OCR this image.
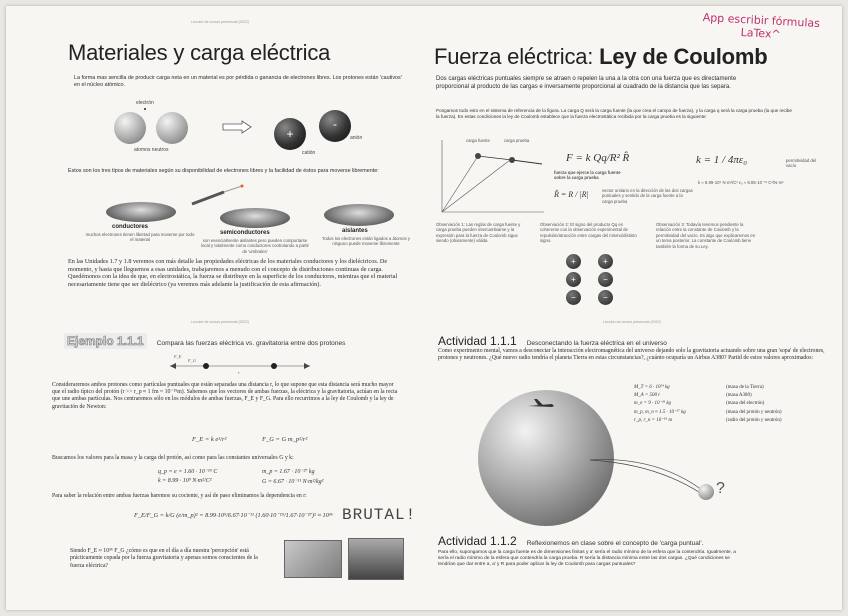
Lección de cursos presencial (2022)
Materiales y carga eléctrica
La forma mas sencilla de producir carga neta en un material es por pérdida o ganancia de electrones libres. Los protones están 'cautivos' en el núcleo atómico.
electrón
atomos neutros
+
catión
-
anión
Estos son los tres tipos de materiales según su disponibilidad de electrones libres y la facilidad de éstos para moverse libremente:
conductores
muchos electrones tienen libertad para moverse por todo el material
semiconductores
son esencialmente aislantes pero pueden comportarse local y totalmente como conductores controlando a partir de 'umbrales'
aislantes
Todos los electrones están ligados a átomos y ninguno puede moverse libremente
En las Unidades 1.7 y 1.8 veremos con más detalle las propiedades eléctricas de los materiales conductores y los dieléctricos. De momento, y hasta que lleguemos a esas unidades, trabajaremos a menudo con el concepto de distribuciones continuas de carga. Quedémonos con la idea de que, en electrostática, la fuerza se distribuye en la superficie de los conductores, mientras que el material necesariamente tiene que ser dieléctrico (ya veremos más adelante la justificación de esta afirmación).
Fuerza eléctrica: Ley de Coulomb
Dos cargas eléctricas puntuales siempre se atraen o repelen la una a la otra con una fuerza que es directamente proporcional al producto de las cargas e inversamente proporcional al cuadrado de la distancia que las separa.
Pongamos todo esto en el sistema de referencia de la figura. La carga Q será la carga fuente (la que crea el campo de fuerza), y la carga q será la carga prueba (la que recibe la fuerza). En estas condiciones la ley de Coulomb establece que la fuerza electrostática recibida por la carga prueba es la siguiente:
carga fuente	carga prueba
F = k Qq/R² R̂
fuerza que ejerce la carga fuente sobre la carga prueba
k = 1 / 4πε₀	permitividad del vacío
R̂ = R / |R|	vector unitario en la dirección de las dos cargas puntuales y sentido de la carga fuente a la carga prueba
k ≈ 8.99·10⁹ N·m²/C² ε₀ ≈ 8.85·10⁻¹² C²/N·m²
Observación 1: Las reglas de carga fuente y carga prueba pueden intercambiarse y la expresión para la fuerza de Coulomb sigue siendo (obviamente) válida.
Observación 2: El signo del producto Qq es coherente con la observación experimental de repulsión/atracción entre cargas del mismo/distinto signo.
Observación 3: Todavía tenemos pendiente la relación entre la constante de Coulomb y la permitividad del vacío. Es algo que explicaremos en un tema posterior. La constante de Coulomb tiene también la forma de su Ley.
+	+
+	−
−	−
Lección de cursos presencial (2022)
Ejemplo 1.1.1 Compara las fuerzas eléctrica vs. gravitatoria entre dos protones
F_E
F_G
r
Consideraremos ambos protones como partículas puntuales que están separadas una distancia r, lo que supone que esta distancia será mucho mayor que el radio típico del protón (r >> r_p ≈ 1 fm = 10⁻¹⁵m). Sabemos que los vectores de ambas fuerzas, la eléctrica y la gravitatoria, actúan en la recta que une ambas partículas. Nos centraremos sólo en los módulos de ambas fuerzas, F_E y F_G. Para ello recurrimos a la ley de Coulomb y la ley de gravitación de Newton:
F_E = k e²/r²	F_G = G m_p²/r²
Buscamos los valores para la masa y la carga del protón, así como para las constantes universales G y k:
q_p = e = 1.60 · 10⁻¹⁹ C
k = 8.99 · 10⁹ N·m²/C²
m_p = 1.67 · 10⁻²⁷ kg
G = 6.67 · 10⁻¹¹ N·m²/kg²
Para saber la relación entre ambas fuerzas haremos su cociente, y así de paso eliminamos la dependencia en r:
F_E/F_G = k/G (e/m_p)² = 8.99·10⁹/6.67·10⁻¹¹ (1.60·10⁻¹⁹/1.67·10⁻²⁷)² ≈ 10³⁶ BRUTAL!
Siendo F_E ≈ 10³⁶ F_G ¿cómo es que en el día a día nuestra 'percepción' está prácticamente copada por la fuerza gravitatoria y apenas somos conscientes de la fuerza eléctrica?
Lección de cursos presencial (2022)
Actividad 1.1.1 Desconectando la fuerza eléctrica en el universo
Como experimento mental, vamos a desconectar la interacción electromagnética del universo dejando solo la gravitatoria actuando sobre una gran 'sopa' de electrones, protones y neutrones. ¿Qué nuevo radio tendría el planeta Tierra en estas circunstancias?, ¿cuánto ocuparía un Airbus A380? Partid de estos valores aproximados:
?
M_T = 6 · 10²⁴ kg	(masa de la Tierra)
M_A = 500 t	(masa A380)
m_e = 9 · 10⁻³¹ kg	(masa del electrón)
m_p, m_n ≈ 1.5 · 10⁻²⁷ kg	(masa del protón y neutrón)
r_p, r_n = 10⁻¹⁵ m	(radio del protón y neutrón)
Actividad 1.1.2 Reflexionemos en clase sobre el concepto de 'carga puntual'.
Para ello, supongamos que la carga fuente es de dimensiones finitas y a' sería el radio mínimo de la esfera que la contendría. Igualmente, a sería el radio mínimo de la esfera que contendría la carga prueba. R sería la distancia mínima entre las dos cargas. ¿Qué condiciones se tendrían que dar entre a, a' y R para poder aplicar la ley de Coulomb para cargas puntuales?
App escribir fórmulas
LaTex^
